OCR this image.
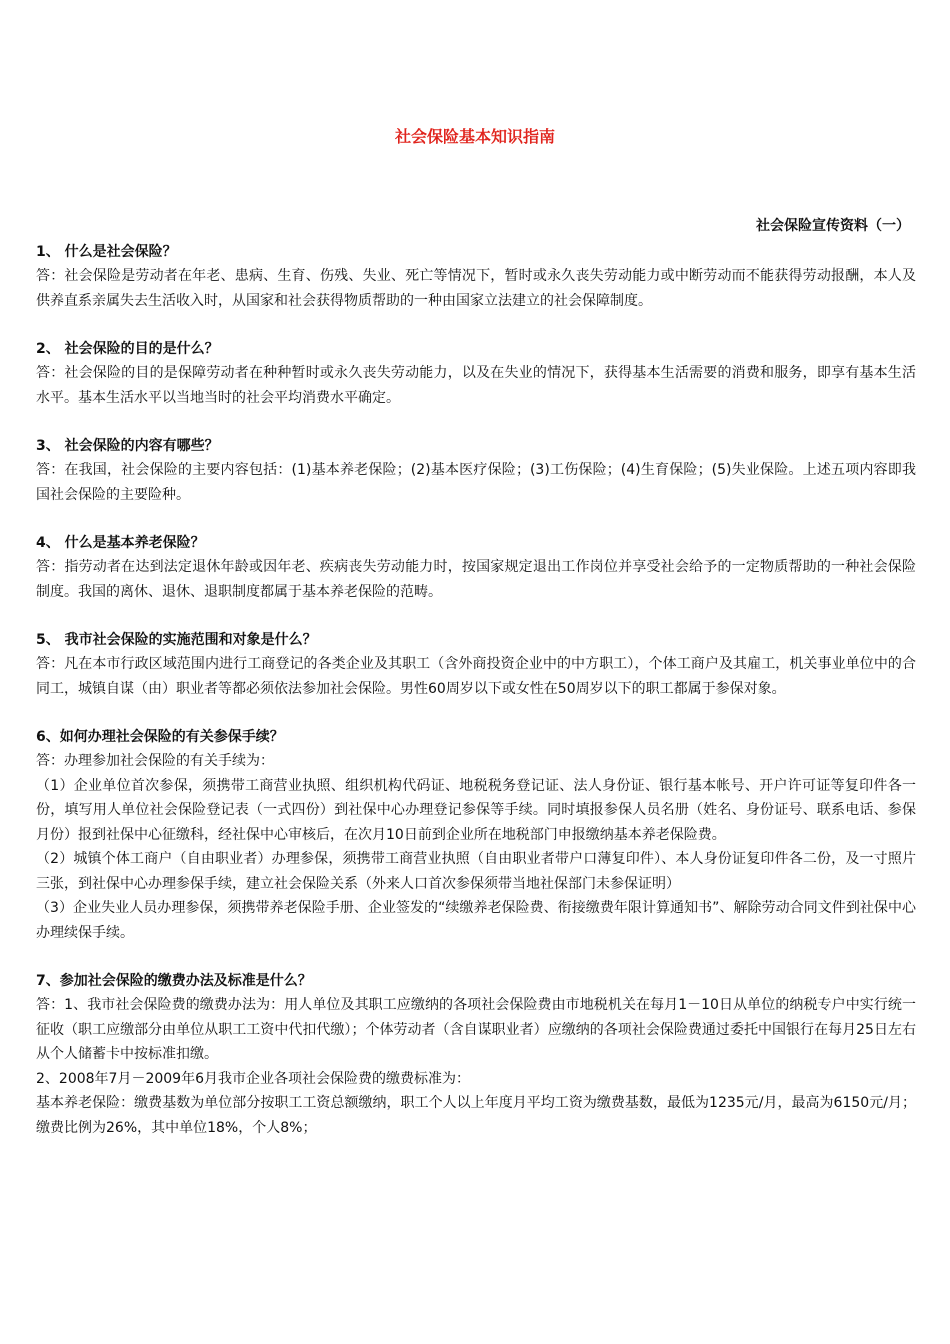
社会保险基本知识指南
社会保险宣传资料（一）
1、 什么是社会保险？

答：社会保险是劳动者在年老、患病、生育、伤残、失业、死亡等情况下，暂时或永久丧失劳动能力或中断劳动而不能获得劳动报酬，本人及供养直系亲属失去生活收入时，从国家和社会获得物质帮助的一种由国家立法建立的社会保障制度。

2、 社会保险的目的是什么？

答：社会保险的目的是保障劳动者在种种暂时或永久丧失劳动能力，以及在失业的情况下，获得基本生活需要的消费和服务，即享有基本生活水平。基本生活水平以当地当时的社会平均消费水平确定。

3、 社会保险的内容有哪些？

答：在我国，社会保险的主要内容包括：(1)基本养老保险；(2)基本医疗保险；(3)工伤保险；(4)生育保险；(5)失业保险。上述五项内容即我国社会保险的主要险种。

4、 什么是基本养老保险？

答：指劳动者在达到法定退休年龄或因年老、疾病丧失劳动能力时，按国家规定退出工作岗位并享受社会给予的一定物质帮助的一种社会保险制度。我国的离休、退休、退职制度都属于基本养老保险的范畴。

5、 我市社会保险的实施范围和对象是什么？

答：凡在本市行政区域范围内进行工商登记的各类企业及其职工（含外商投资企业中的中方职工），个体工商户及其雇工，机关事业单位中的合同工，城镇自谋（由）职业者等都必须依法参加社会保险。男性60周岁以下或女性在50周岁以下的职工都属于参保对象。

6、如何办理社会保险的有关参保手续？

答：办理参加社会保险的有关手续为：

（1）企业单位首次参保，须携带工商营业执照、组织机构代码证、地税税务登记证、法人身份证、银行基本帐号、开户许可证等复印件各一份，填写用人单位社会保险登记表（一式四份）到社保中心办理登记参保等手续。同时填报参保人员名册（姓名、身份证号、联系电话、参保月份）报到社保中心征缴科，经社保中心审核后，在次月10日前到企业所在地税部门申报缴纳基本养老保险费。

（2）城镇个体工商户（自由职业者）办理参保，须携带工商营业执照（自由职业者带户口薄复印件）、本人身份证复印件各二份，及一寸照片三张，到社保中心办理参保手续，建立社会保险关系（外来人口首次参保须带当地社保部门未参保证明）

（3）企业失业人员办理参保，须携带养老保险手册、企业签发的“续缴养老保险费、衔接缴费年限计算通知书”、解除劳动合同文件到社保中心办理续保手续。

7、参加社会保险的缴费办法及标准是什么？

答：1、我市社会保险费的缴费办法为：用人单位及其职工应缴纳的各项社会保险费由市地税机关在每月1－10日从单位的纳税专户中实行统一征收（职工应缴部分由单位从职工工资中代扣代缴）；个体劳动者（含自谋职业者）应缴纳的各项社会保险费通过委托中国银行在每月25日左右从个人储蓄卡中按标准扣缴。

2、2008年7月－2009年6月我市企业各项社会保险费的缴费标准为：

基本养老保险：缴费基数为单位部分按职工工资总额缴纳，职工个人以上年度月平均工资为缴费基数，最低为1235元/月，最高为6150元/月；缴费比例为26%，其中单位18%，个人8%；
